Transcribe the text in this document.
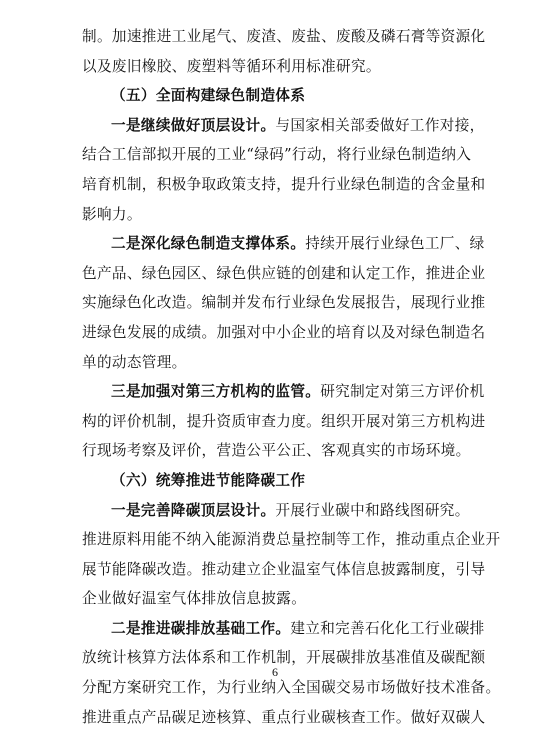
制。加速推进工业尾气、废渣、废盐、废酸及磷石膏等资源化
以及废旧橡胶、废塑料等循环利用标准研究。
（五）全面构建绿色制造体系
一是继续做好顶层设计。与国家相关部委做好工作对接，
结合工信部拟开展的工业“绿码”行动，将行业绿色制造纳入
培育机制，积极争取政策支持，提升行业绿色制造的含金量和
影响力。
二是深化绿色制造支撑体系。持续开展行业绿色工厂、绿
色产品、绿色园区、绿色供应链的创建和认定工作，推进企业
实施绿色化改造。编制并发布行业绿色发展报告，展现行业推
进绿色发展的成绩。加强对中小企业的培育以及对绿色制造名
单的动态管理。
三是加强对第三方机构的监管。研究制定对第三方评价机
构的评价机制，提升资质审查力度。组织开展对第三方机构进
行现场考察及评价，营造公平公正、客观真实的市场环境。
（六）统筹推进节能降碳工作
一是完善降碳顶层设计。开展行业碳中和路线图研究。
推进原料用能不纳入能源消费总量控制等工作，推动重点企业开
展节能降碳改造。推动建立企业温室气体信息披露制度，引导
企业做好温室气体排放信息披露。
二是推进碳排放基础工作。建立和完善石化化工行业碳排
放统计核算方法体系和工作机制，开展碳排放基准值及碳配额
分配方案研究工作，为行业纳入全国碳交易市场做好技术准备。
推进重点产品碳足迹核算、重点行业碳核查工作。做好双碳人
6
